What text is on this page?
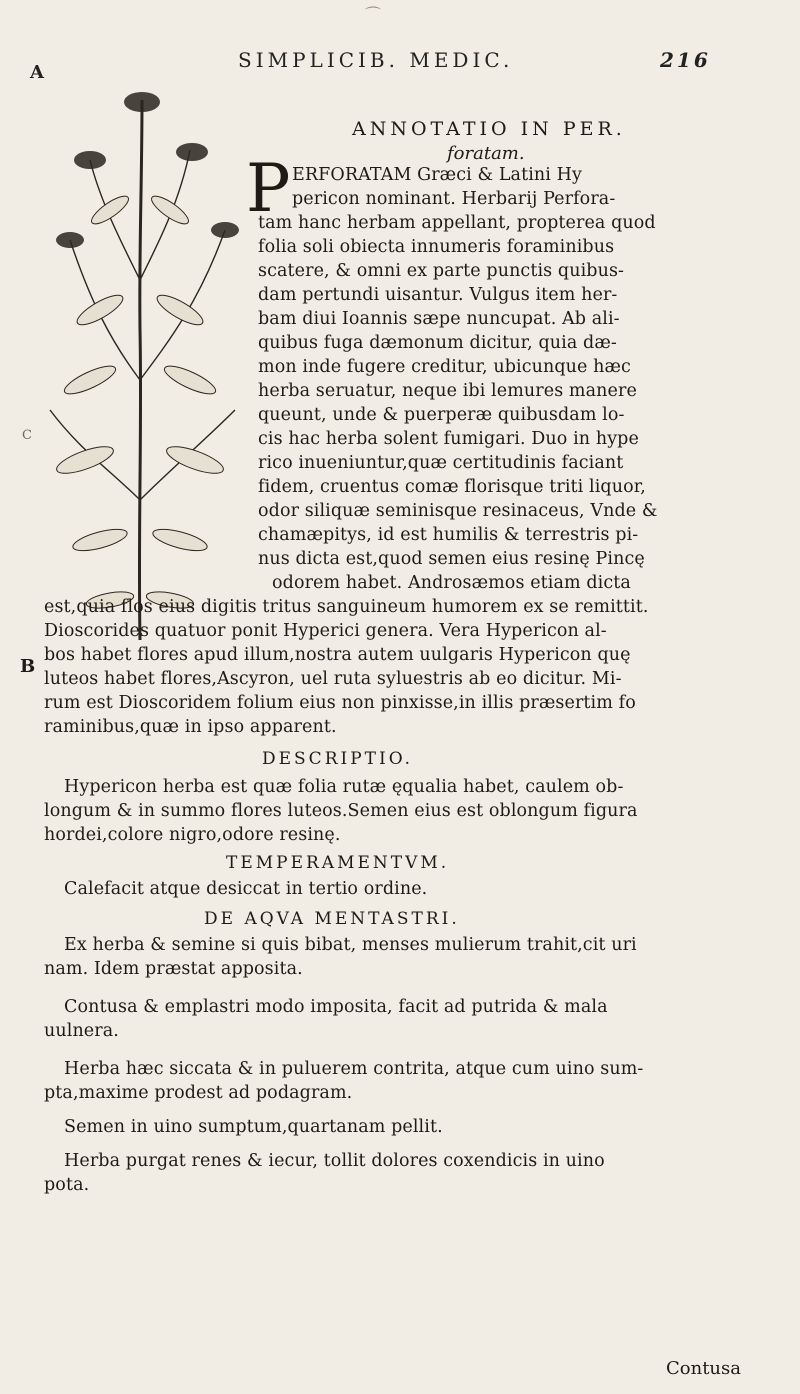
⌒
A
SIMPLICIB. MEDIC.	216
C
B
ANNOTATIO IN PER.
foratam.
P ERFORATAM Græci & Latini Hy
pericon nominant. Herbarij Perfora-
tam hanc herbam appellant, propterea quod
folia soli obiecta innumeris foraminibus
scatere, & omni ex parte punctis quibus-
dam pertundi uisantur. Vulgus item her-
bam diui Ioannis sæpe nuncupat. Ab ali-
quibus fuga dæmonum dicitur, quia dæ-
mon inde fugere creditur, ubicunque hæc
herba seruatur, neque ibi lemures manere
queunt, unde & puerperæ quibusdam lo-
cis hac herba solent fumigari. Duo in hype
rico inueniuntur,quæ certitudinis faciant
fidem, cruentus comæ florisque triti liquor,
odor siliquæ seminisque resinaceus, Vnde &
chamæpitys, id est humilis & terrestris pi-
nus dicta est,quod semen eius resinę Pincę
odorem habet. Androsæmos etiam dicta
est,quia flos eius digitis tritus sanguineum humorem ex se remittit.
Dioscorides quatuor ponit Hyperici genera. Vera Hypericon al-
bos habet flores apud illum,nostra autem uulgaris Hypericon quę
luteos habet flores,Ascyron, uel ruta syluestris ab eo dicitur. Mi-
rum est Dioscoridem folium eius non pinxisse,in illis præsertim fo
raminibus,quæ in ipso apparent.
DESCRIPTIO.
Hypericon herba est quæ folia rutæ ęqualia habet, caulem ob-
longum & in summo flores luteos.Semen eius est oblongum figura
hordei,colore nigro,odore resinę.
TEMPERAMENTVM.
Calefacit atque desiccat in tertio ordine.
DE AQVA MENTASTRI.
Ex herba & semine si quis bibat, menses mulierum trahit,cit uri
nam. Idem præstat apposita.
Contusa & emplastri modo imposita, facit ad putrida & mala
uulnera.
Herba hæc siccata & in puluerem contrita, atque cum uino sum-
pta,maxime prodest ad podagram.
Semen in uino sumptum,quartanam pellit.
Herba purgat renes & iecur, tollit dolores coxendicis in uino
pota.
Contusa
